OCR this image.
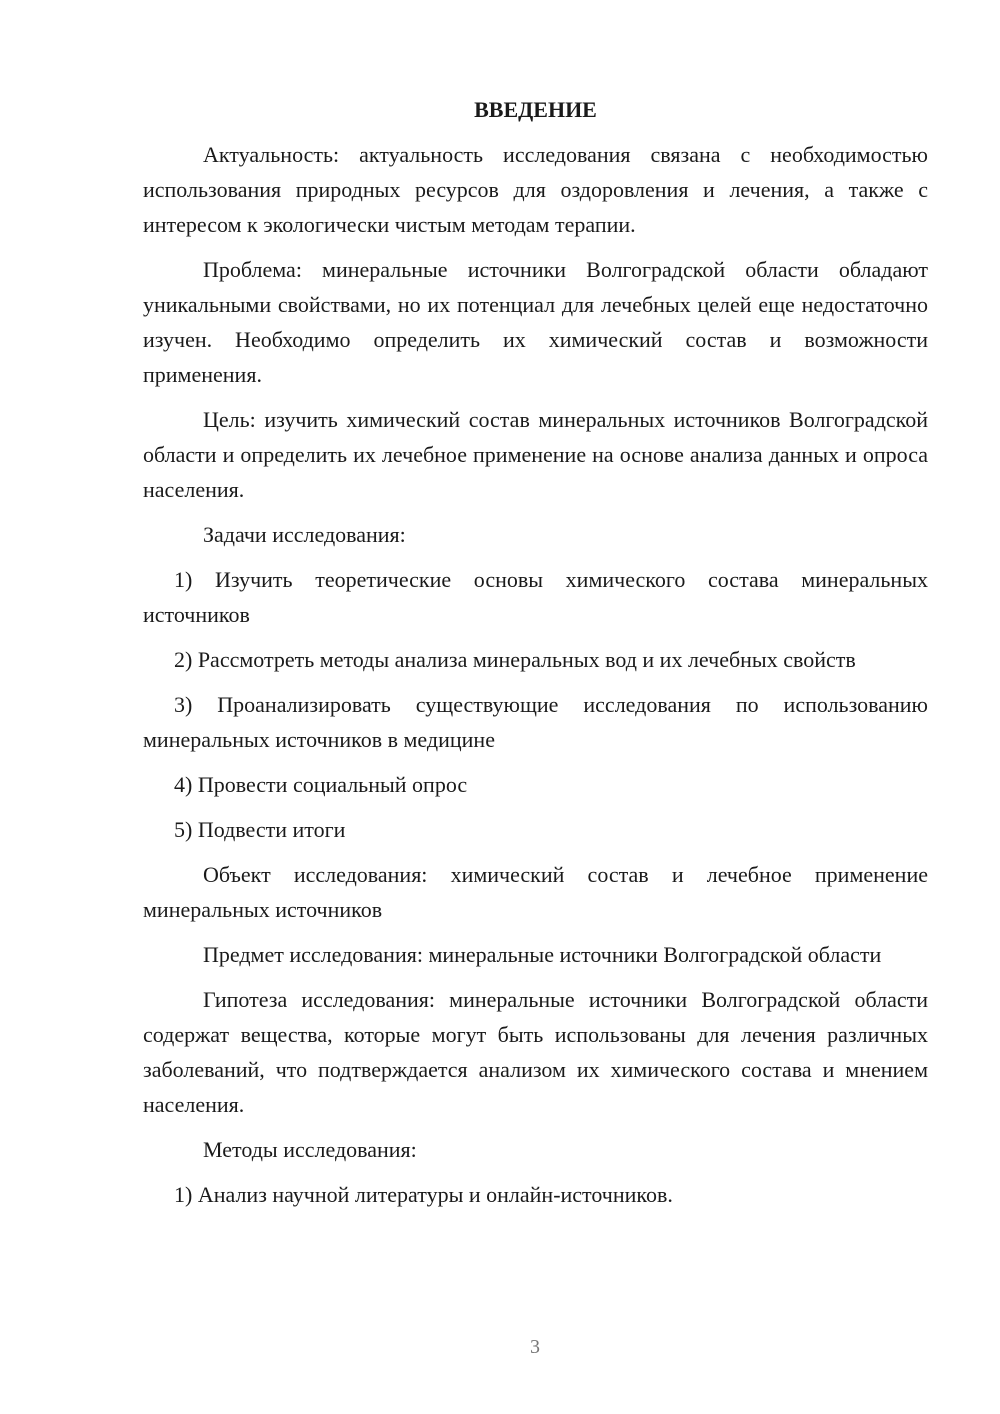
ВВЕДЕНИЕ

Актуальность: актуальность исследования связана с необходимостью использования природных ресурсов для оздоровления и лечения, а также с интересом к экологически чистым методам терапии.

Проблема: минеральные источники Волгоградской области обладают уникальными свойствами, но их потенциал для лечебных целей еще недостаточно изучен. Необходимо определить их химический состав и возможности применения.

Цель: изучить химический состав минеральных источников Волгоградской области и определить их лечебное применение на основе анализа данных и опроса населения.

Задачи исследования:

1) Изучить теоретические основы химического состава минеральных источников

2) Рассмотреть методы анализа минеральных вод и их лечебных свойств

3) Проанализировать существующие исследования по использованию минеральных источников в медицине

4) Провести социальный опрос

5) Подвести итоги

Объект исследования: химический состав и лечебное применение минеральных источников

Предмет исследования: минеральные источники Волгоградской области

Гипотеза исследования: минеральные источники Волгоградской области содержат вещества, которые могут быть использованы для лечения различных заболеваний, что подтверждается анализом их химического состава и мнением населения.

Методы исследования:

1) Анализ научной литературы и онлайн-источников.

3
